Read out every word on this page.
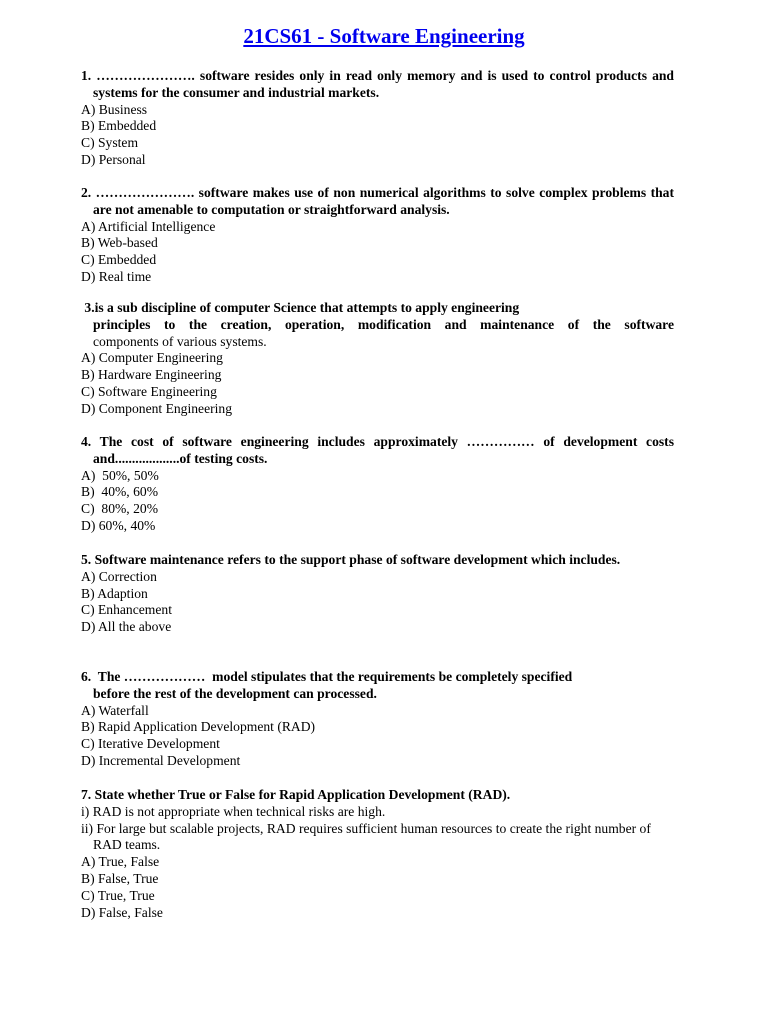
21CS61 - Software Engineering
1. …………………. software resides only in read only memory and is used to control products and systems for the consumer and industrial markets.
A) Business
B) Embedded
C) System
D) Personal
2. …………………. software makes use of non numerical algorithms to solve complex problems that are not amenable to computation or straightforward analysis.
A) Artificial Intelligence
B) Web-based
C) Embedded
D) Real time
3.is a sub discipline of computer Science that attempts to apply engineering
principles to the creation, operation, modification and maintenance of the software
components of various systems.
A) Computer Engineering
B) Hardware Engineering
C) Software Engineering
D) Component Engineering
4. The cost of software engineering includes approximately …………… of development costs and...................of testing costs.
A)  50%, 50%
B)  40%, 60%
C)  80%, 20%
D) 60%, 40%
5. Software maintenance refers to the support phase of software development which includes.
A) Correction
B) Adaption
C) Enhancement
D) All the above
6.  The ………………  model stipulates that the requirements be completely specified
before the rest of the development can processed.
A) Waterfall
B) Rapid Application Development (RAD)
C) Iterative Development
D) Incremental Development
7. State whether True or False for Rapid Application Development (RAD).
i) RAD is not appropriate when technical risks are high.
ii) For large but scalable projects, RAD requires sufficient human resources to create the right number of RAD teams.
A) True, False
B) False, True
C) True, True
D) False, False
